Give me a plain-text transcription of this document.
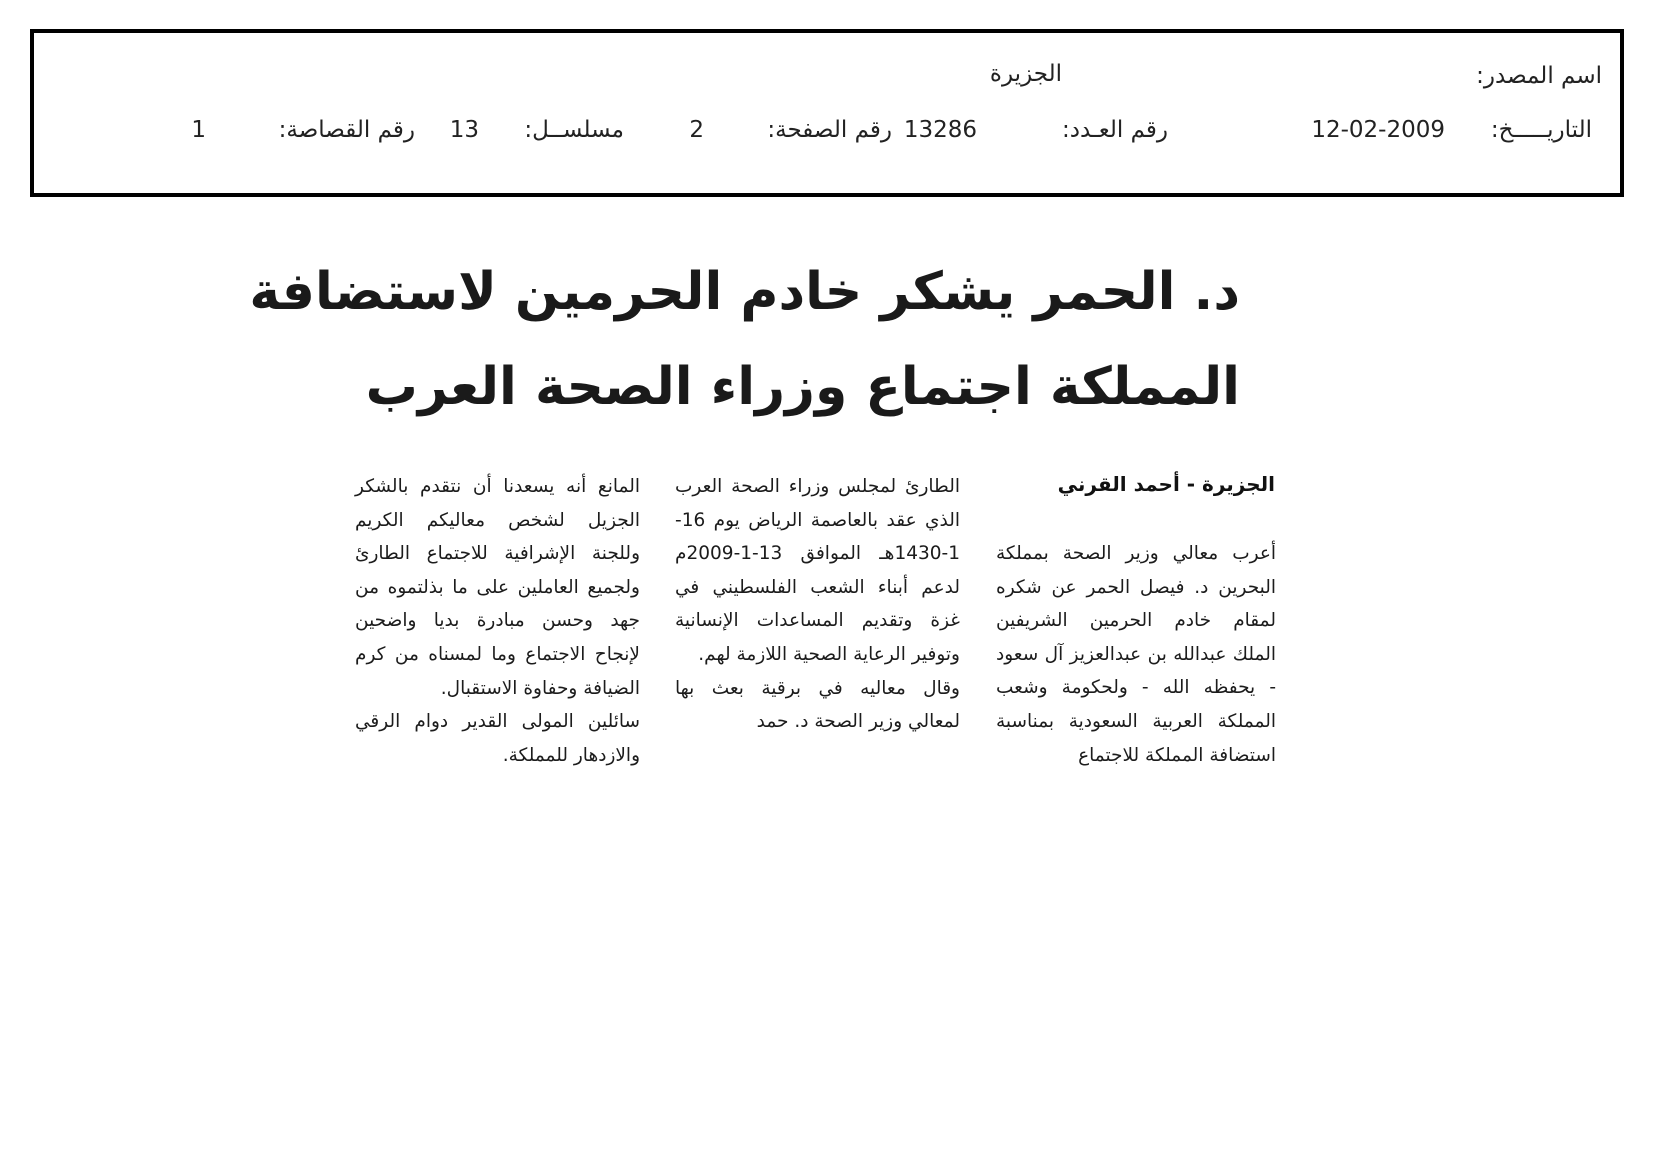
اسم المصدر:
الجزيرة
التاريـــــخ:
12-02-2009
رقم العـدد:
13286
رقم الصفحة:
2
مسلســل:
13
رقم القصاصة:
1
د. الحمر يشكر خادم الحرمين لاستضافة
المملكة اجتماع وزراء الصحة العرب
الجزيرة - أحمد القرني

أعرب معالي وزير الصحة بمملكة البحرين د. فيصل الحمر عن شكره لمقام خادم الحرمين الشريفين الملك عبدالله بن عبدالعزيز آل سعود - يحفظه الله - ولحكومة وشعب المملكة العربية السعودية بمناسبة استضافة المملكة للاجتماع

الطارئ لمجلس وزراء الصحة العرب الذي عقد بالعاصمة الرياض يوم 16-1-1430هـ الموافق 13-1-2009م لدعم أبناء الشعب الفلسطيني في غزة وتقديم المساعدات الإنسانية وتوفير الرعاية الصحية اللازمة لهم.

وقال معاليه في برقية بعث بها لمعالي وزير الصحة د. حمد

المانع أنه يسعدنا أن نتقدم بالشكر الجزيل لشخص معاليكم الكريم وللجنة الإشرافية للاجتماع الطارئ ولجميع العاملين على ما بذلتموه من جهد وحسن مبادرة بديا واضحين لإنجاح الاجتماع وما لمسناه من كرم الضيافة وحفاوة الاستقبال.

سائلين المولى القدير دوام الرقي والازدهار للمملكة.
